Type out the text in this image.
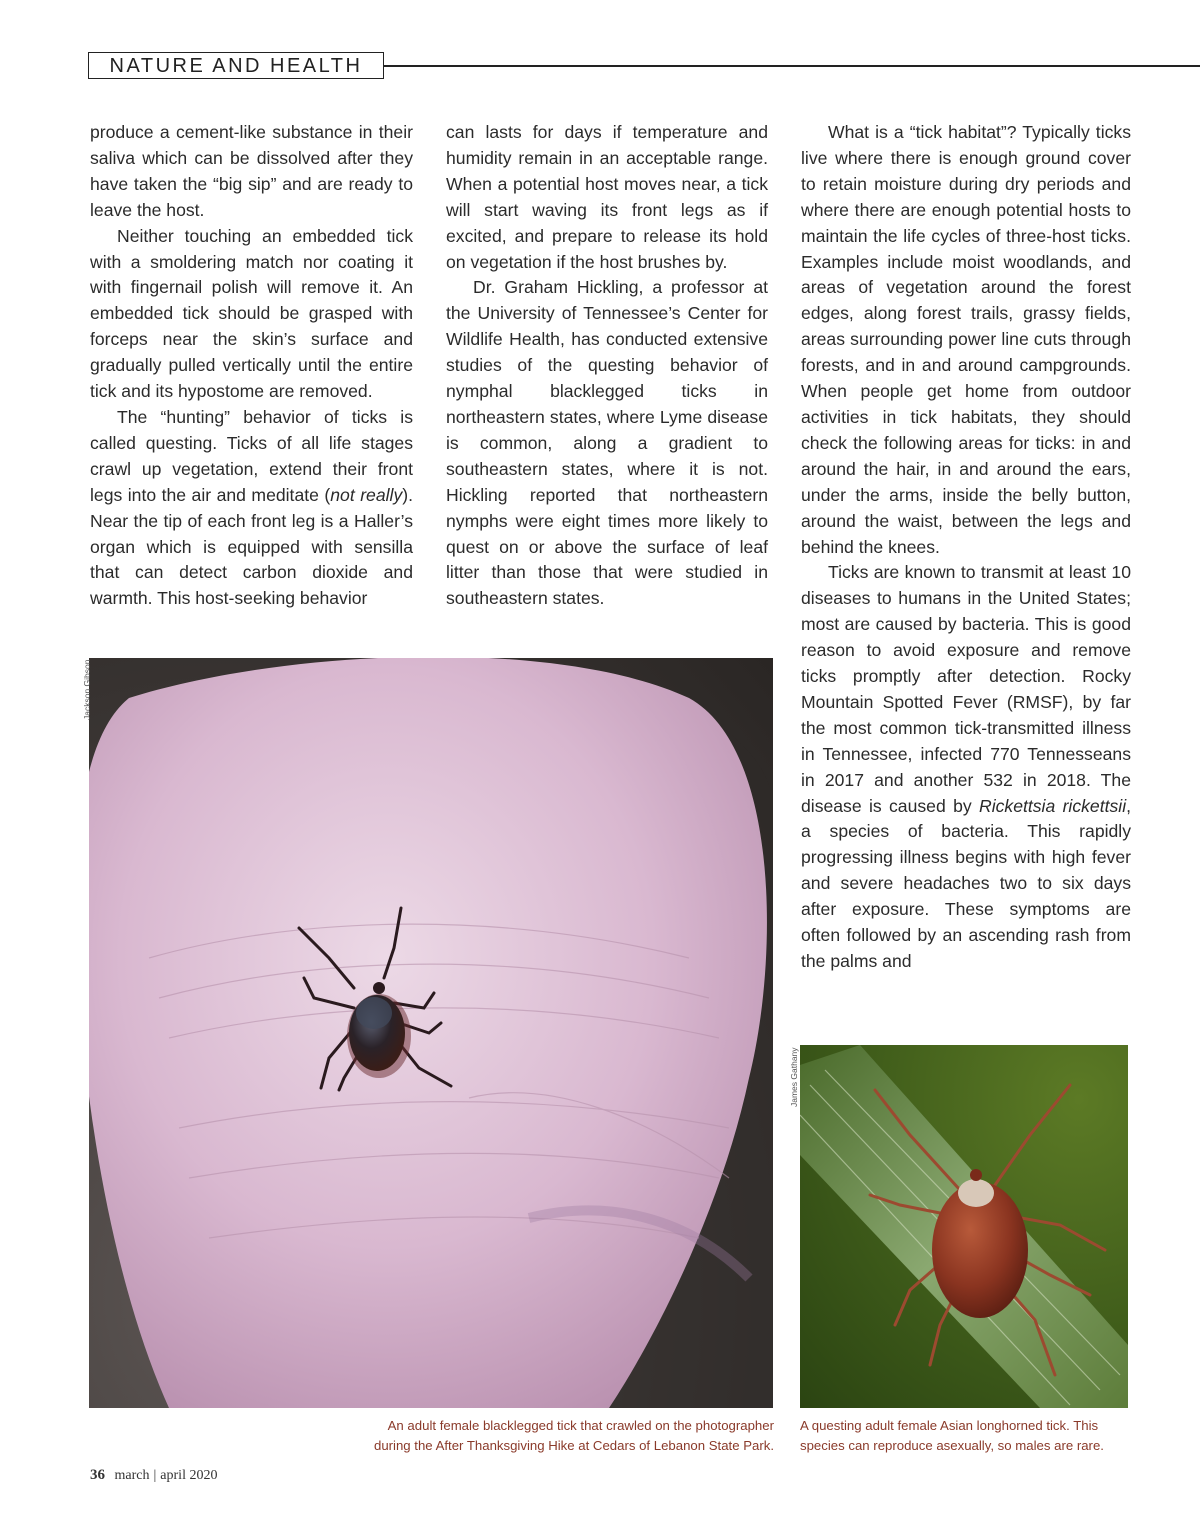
NATURE AND HEALTH

produce a cement-like substance in their saliva which can be dissolved after they have taken the “big sip” and are ready to leave the host.

Neither touching an embedded tick with a smoldering match nor coating it with fingernail polish will remove it. An embedded tick should be grasped with forceps near the skin’s surface and gradually pulled vertically until the entire tick and its hypostome are removed.

The “hunting” behavior of ticks is called questing. Ticks of all life stages crawl up vegetation, extend their front legs into the air and meditate (not really). Near the tip of each front leg is a Haller’s organ which is equipped with sensilla that can detect carbon dioxide and warmth. This host-seeking behavior

can lasts for days if temperature and humidity remain in an acceptable range. When a potential host moves near, a tick will start waving its front legs as if excited, and prepare to release its hold on vegetation if the host brushes by.

Dr. Graham Hickling, a professor at the University of Tennessee’s Center for Wildlife Health, has conducted extensive studies of the questing behavior of nymphal blacklegged ticks in northeastern states, where Lyme disease is common, along a gradient to southeastern states, where it is not. Hickling reported that northeastern nymphs were eight times more likely to quest on or above the surface of leaf litter than those that were studied in southeastern states.

What is a “tick habitat”? Typically ticks live where there is enough ground cover to retain moisture during dry periods and where there are enough potential hosts to maintain the life cycles of three-host ticks. Examples include moist woodlands, and areas of vegetation around the forest edges, along forest trails, grassy fields, areas surrounding power line cuts through forests, and in and around campgrounds. When people get home from outdoor activities in tick habitats, they should check the following areas for ticks: in and around the hair, in and around the ears, under the arms, inside the belly button, around the waist, between the legs and behind the knees.

Ticks are known to transmit at least 10 diseases to humans in the United States; most are caused by bacteria. This is good reason to avoid exposure and remove ticks promptly after detection. Rocky Mountain Spotted Fever (RMSF), by far the most common tick-transmitted illness in Tennessee, infected 770 Tennesseans in 2017 and another 532 in 2018. The disease is caused by Rickettsia rickettsii, a species of bacteria. This rapidly progressing illness begins with high fever and severe headaches two to six days after exposure. These symptoms are often followed by an ascending rash from the palms and

Jackson Gibson
James Gathany
An adult female blacklegged tick that crawled on the photographer
during the After Thanksgiving Hike at Cedars of Lebanon State Park.
A questing adult female Asian longhorned tick. This
species can reproduce asexually, so males are rare.
36 march | april 2020
